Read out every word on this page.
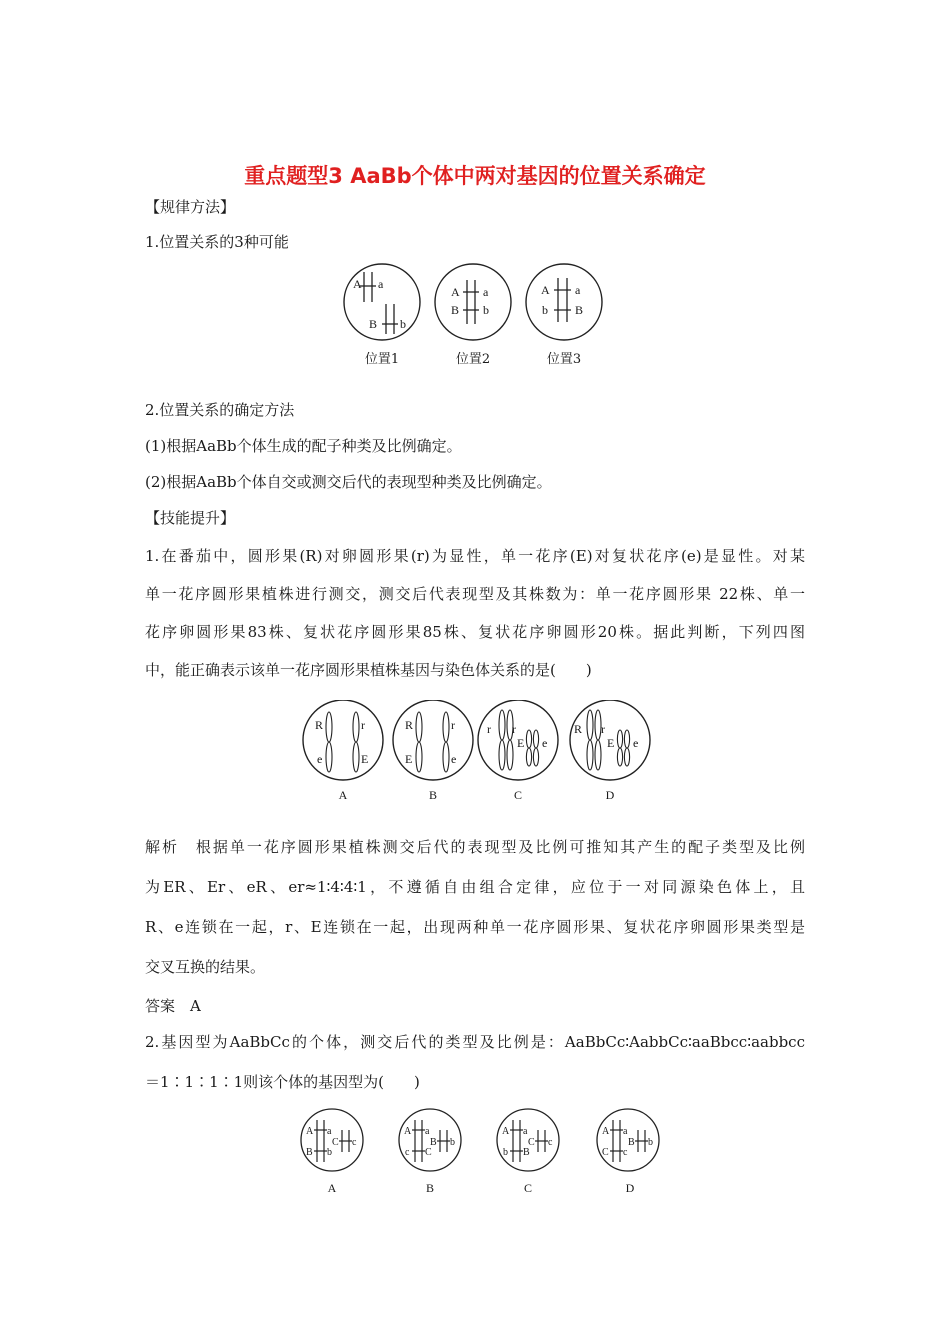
重点题型3 AaBb个体中两对基因的位置关系确定
【规律方法】
1.位置关系的3种可能
A a
B b
A a
B b
A a
b B
位置1	位置2	位置3
2.位置关系的确定方法
(1)根据AaBb个体生成的配子种类及比例确定。
(2)根据AaBb个体自交或测交后代的表现型种类及比例确定。
【技能提升】
1.在番茄中，圆形果(R)对卵圆形果(r)为显性，单一花序(E)对复状花序(e)是显性。对某
单一花序圆形果植株进行测交，测交后代表现型及其株数为：单一花序圆形果 22株、单一
花序卵圆形果83株、复状花序圆形果85株、复状花序卵圆形20株。据此判断，下列四图
中，能正确表示该单一花序圆形果植株基因与染色体关系的是(　　)
R	r
e	E
R	r
E	e
r r
E e
R r
E e
A	B	C	D
解析　根据单一花序圆形果植株测交后代的表现型及比例可推知其产生的配子类型及比例
为ER、Er、eR、er≈1∶4∶4∶1，不遵循自由组合定律，应位于一对同源染色体上，且
R、e连锁在一起，r、E连锁在一起，出现两种单一花序圆形果、复状花序卵圆形果类型是
交叉互换的结果。
答案　A
2.基因型为AaBbCc的个体，测交后代的类型及比例是：AaBbCc∶AabbCc∶aaBbcc∶aabbcc
＝1∶1∶1∶1则该个体的基因型为(　　)
A a
B b
C c
A a
c C
B b
A a
b B
C c
A a
C c
B b
A	B	C	D
